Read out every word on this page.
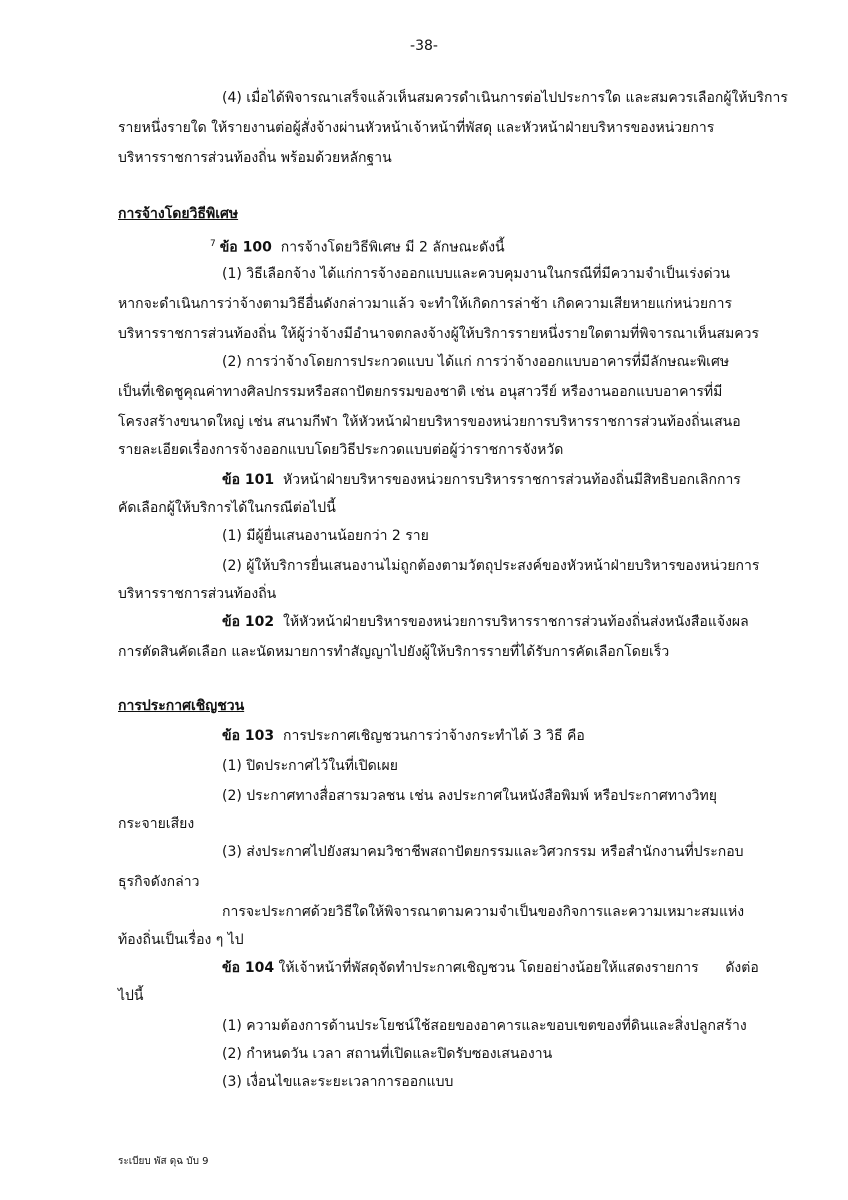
-38-
(4) เมื่อได้พิจารณาเสร็จแล้วเห็นสมควรดำเนินการต่อไปประการใด และสมควรเลือกผู้ให้บริการ
รายหนึ่งรายใด ให้รายงานต่อผู้สั่งจ้างผ่านหัวหน้าเจ้าหน้าที่พัสดุ และหัวหน้าฝ่ายบริหารของหน่วยการ
บริหารราชการส่วนท้องถิ่น พร้อมด้วยหลักฐาน
การจ้างโดยวิธีพิเศษ
$^7$ ข้อ 100 การจ้างโดยวิธีพิเศษ มี 2 ลักษณะดังนี้
(1) วิธีเลือกจ้าง ได้แก่การจ้างออกแบบและควบคุมงานในกรณีที่มีความจำเป็นเร่งด่วน
หากจะดำเนินการว่าจ้างตามวิธีอื่นดังกล่าวมาแล้ว จะทำให้เกิดการล่าช้า เกิดความเสียหายแก่หน่วยการ
บริหารราชการส่วนท้องถิ่น ให้ผู้ว่าจ้างมีอำนาจตกลงจ้างผู้ให้บริการรายหนึ่งรายใดตามที่พิจารณาเห็นสมควร
(2) การว่าจ้างโดยการประกวดแบบ ได้แก่ การว่าจ้างออกแบบอาคารที่มีลักษณะพิเศษ
เป็นที่เชิดชูคุณค่าทางศิลปกรรมหรือสถาปัตยกรรมของชาติ เช่น อนุสาวรีย์ หรืองานออกแบบอาคารที่มี
โครงสร้างขนาดใหญ่ เช่น สนามกีฬา ให้หัวหน้าฝ่ายบริหารของหน่วยการบริหารราชการส่วนท้องถิ่นเสนอ
รายละเอียดเรื่องการจ้างออกแบบโดยวิธีประกวดแบบต่อผู้ว่าราชการจังหวัด
ข้อ 101 หัวหน้าฝ่ายบริหารของหน่วยการบริหารราชการส่วนท้องถิ่นมีสิทธิบอกเลิกการ
คัดเลือกผู้ให้บริการได้ในกรณีต่อไปนี้
(1) มีผู้ยื่นเสนองานน้อยกว่า 2 ราย
(2) ผู้ให้บริการยื่นเสนองานไม่ถูกต้องตามวัตถุประสงค์ของหัวหน้าฝ่ายบริหารของหน่วยการ
บริหารราชการส่วนท้องถิ่น
ข้อ 102 ให้หัวหน้าฝ่ายบริหารของหน่วยการบริหารราชการส่วนท้องถิ่นส่งหนังสือแจ้งผล
การตัดสินคัดเลือก และนัดหมายการทำสัญญาไปยังผู้ให้บริการรายที่ได้รับการคัดเลือกโดยเร็ว
การประกาศเชิญชวน
ข้อ 103 การประกาศเชิญชวนการว่าจ้างกระทำได้ 3 วิธี คือ
(1) ปิดประกาศไว้ในที่เปิดเผย
(2) ประกาศทางสื่อสารมวลชน เช่น ลงประกาศในหนังสือพิมพ์ หรือประกาศทางวิทยุ
กระจายเสียง
(3) ส่งประกาศไปยังสมาคมวิชาชีพสถาปัตยกรรมและวิศวกรรม หรือสำนักงานที่ประกอบ
ธุรกิจดังกล่าว
การจะประกาศด้วยวิธีใดให้พิจารณาตามความจำเป็นของกิจการและความเหมาะสมแห่ง
ท้องถิ่นเป็นเรื่อง ๆ ไป
ข้อ 104 ให้เจ้าหน้าที่พัสดุจัดทำประกาศเชิญชวน โดยอย่างน้อยให้แสดงรายการ      ดังต่อ
ไปนี้
(1) ความต้องการด้านประโยชน์ใช้สอยของอาคารและขอบเขตของที่ดินและสิ่งปลูกสร้าง
(2) กำหนดวัน เวลา สถานที่เปิดและปิดรับซองเสนองาน
(3) เงื่อนไขและระยะเวลาการออกแบบ
ระเบียบ พัส ดุฉ บับ 9
